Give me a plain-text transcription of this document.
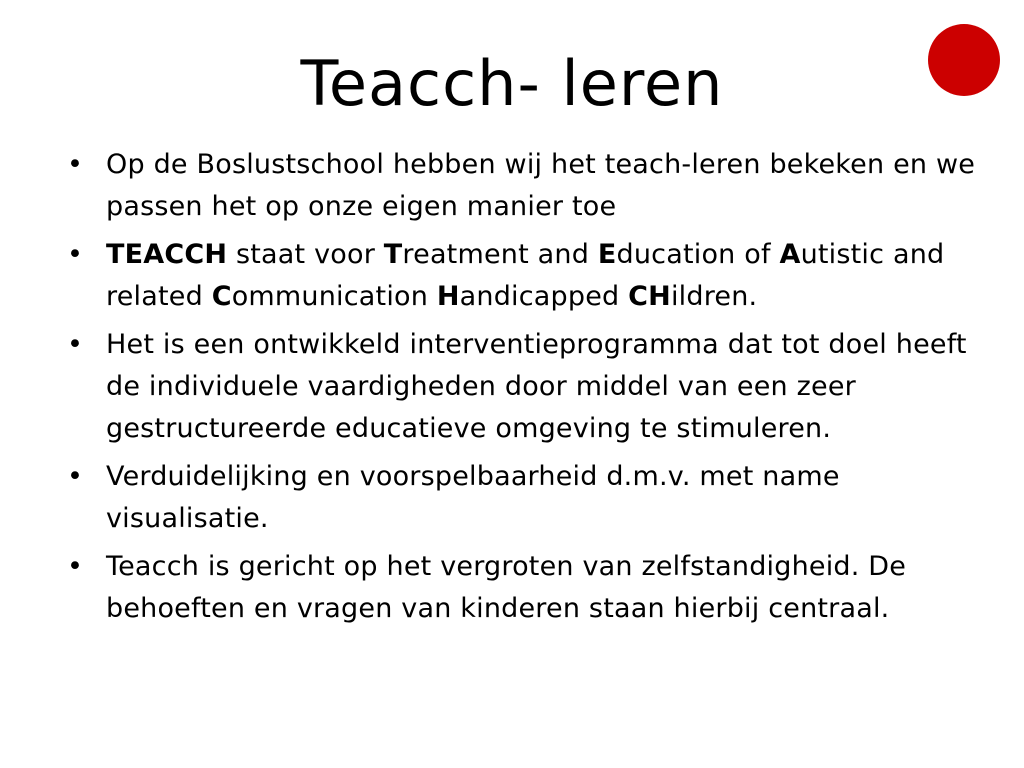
Teacch- leren
• Op de Boslustschool hebben wij het teach-leren bekeken en we passen het op onze eigen manier toe
• TEACCH staat voor Treatment and Education of Autistic and related Communication Handicapped CHildren.
• Het is een ontwikkeld interventieprogramma dat tot doel heeft de individuele vaardigheden door middel van een zeer gestructureerde educatieve omgeving te stimuleren.
• Verduidelijking en voorspelbaarheid d.m.v. met name visualisatie.
• Teacch is gericht op het vergroten van zelfstandigheid. De behoeften en vragen van kinderen staan hierbij centraal.
